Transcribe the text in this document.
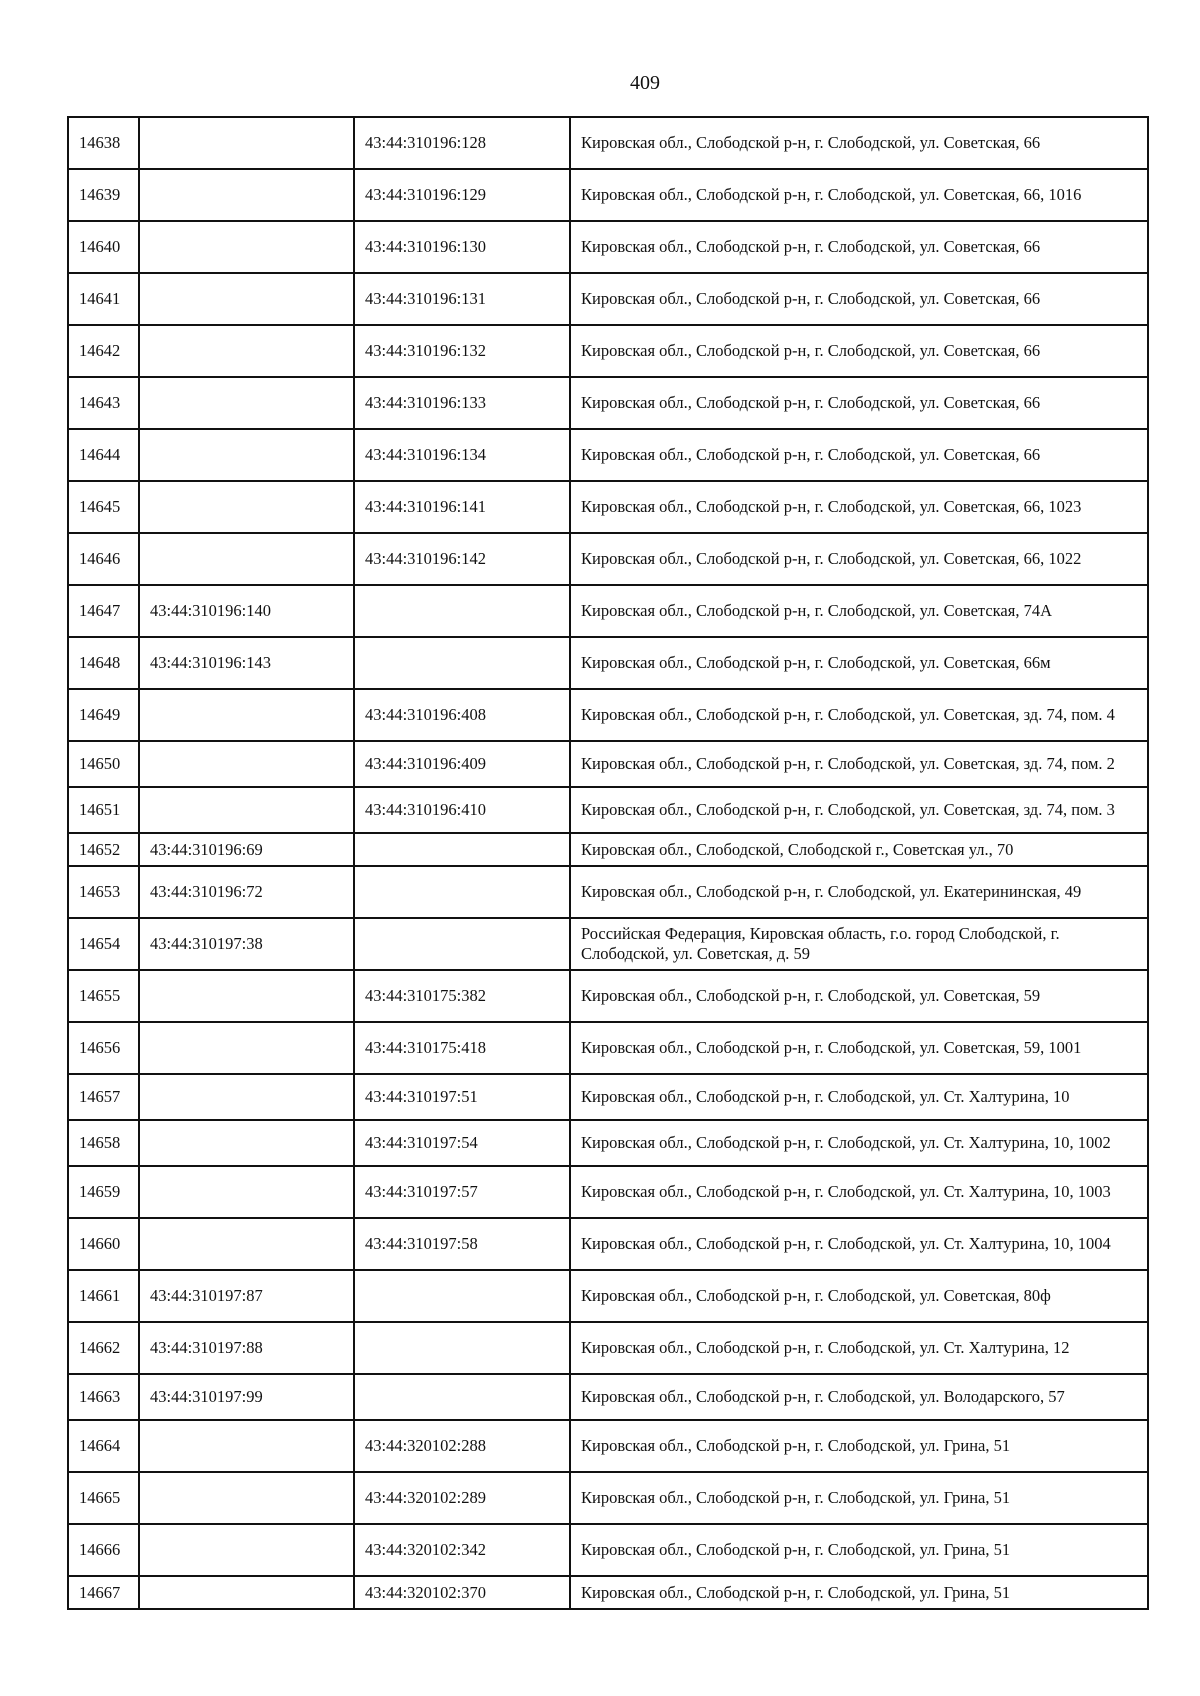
409
14638		43:44:310196:128	Кировская обл., Слободской р-н, г. Слободской, ул. Советская, 66
14639		43:44:310196:129	Кировская обл., Слободской р-н, г. Слободской, ул. Советская, 66, 1016
14640		43:44:310196:130	Кировская обл., Слободской р-н, г. Слободской, ул. Советская, 66
14641		43:44:310196:131	Кировская обл., Слободской р-н, г. Слободской, ул. Советская, 66
14642		43:44:310196:132	Кировская обл., Слободской р-н, г. Слободской, ул. Советская, 66
14643		43:44:310196:133	Кировская обл., Слободской р-н, г. Слободской, ул. Советская, 66
14644		43:44:310196:134	Кировская обл., Слободской р-н, г. Слободской, ул. Советская, 66
14645		43:44:310196:141	Кировская обл., Слободской р-н, г. Слободской, ул. Советская, 66, 1023
14646		43:44:310196:142	Кировская обл., Слободской р-н, г. Слободской, ул. Советская, 66, 1022
14647	43:44:310196:140		Кировская обл., Слободской р-н, г. Слободской, ул. Советская, 74А
14648	43:44:310196:143		Кировская обл., Слободской р-н, г. Слободской, ул. Советская, 66м
14649		43:44:310196:408	Кировская обл., Слободской р-н, г. Слободской, ул. Советская, зд. 74, пом. 4
14650		43:44:310196:409	Кировская обл., Слободской р-н, г. Слободской, ул. Советская, зд. 74, пом. 2
14651		43:44:310196:410	Кировская обл., Слободской р-н, г. Слободской, ул. Советская, зд. 74, пом. 3
14652	43:44:310196:69		Кировская обл., Слободской, Слободской г., Советская ул., 70
14653	43:44:310196:72		Кировская обл., Слободской р-н, г. Слободской, ул. Екатерининская, 49
14654	43:44:310197:38		Российская Федерация, Кировская область, г.о. город Слободской, г. Слободской, ул. Советская, д. 59
14655		43:44:310175:382	Кировская обл., Слободской р-н, г. Слободской, ул. Советская, 59
14656		43:44:310175:418	Кировская обл., Слободской р-н, г. Слободской, ул. Советская, 59, 1001
14657		43:44:310197:51	Кировская обл., Слободской р-н, г. Слободской, ул. Ст. Халтурина, 10
14658		43:44:310197:54	Кировская обл., Слободской р-н, г. Слободской, ул. Ст. Халтурина, 10, 1002
14659		43:44:310197:57	Кировская обл., Слободской р-н, г. Слободской, ул. Ст. Халтурина, 10, 1003
14660		43:44:310197:58	Кировская обл., Слободской р-н, г. Слободской, ул. Ст. Халтурина, 10, 1004
14661	43:44:310197:87		Кировская обл., Слободской р-н, г. Слободской, ул. Советская, 80ф
14662	43:44:310197:88		Кировская обл., Слободской р-н, г. Слободской, ул. Ст. Халтурина, 12
14663	43:44:310197:99		Кировская обл., Слободской р-н, г. Слободской, ул. Володарского, 57
14664		43:44:320102:288	Кировская обл., Слободской р-н, г. Слободской, ул. Грина, 51
14665		43:44:320102:289	Кировская обл., Слободской р-н, г. Слободской, ул. Грина, 51
14666		43:44:320102:342	Кировская обл., Слободской р-н, г. Слободской, ул. Грина, 51
14667		43:44:320102:370	Кировская обл., Слободской р-н, г. Слободской, ул. Грина, 51
